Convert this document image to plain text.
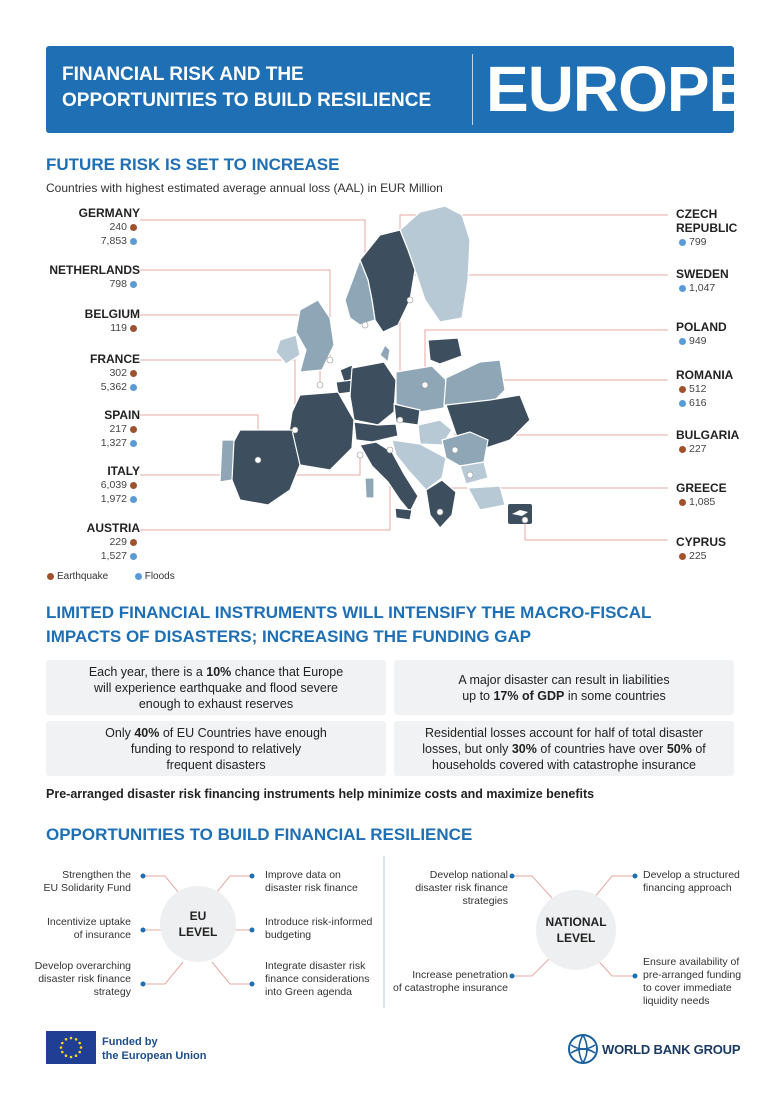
FINANCIAL RISK AND THE
OPPORTUNITIES TO BUILD RESILIENCE EUROPE
FUTURE RISK IS SET TO INCREASE
Countries with highest estimated average annual loss (AAL) in EUR Million
GERMANY
240
7,853
NETHERLANDS
798
BELGIUM
119
FRANCE
302
5,362
SPAIN
217
1,327
ITALY
6,039
1,972
AUSTRIA
229
1,527
CZECH
REPUBLIC
799
SWEDEN
1,047
POLAND
949
ROMANIA
512
616
BULGARIA
227
GREECE
1,085
CYPRUS
225
Earthquake	Floods
LIMITED FINANCIAL INSTRUMENTS WILL INTENSIFY THE MACRO-FISCAL
IMPACTS OF DISASTERS; INCREASING THE FUNDING GAP
Each year, there is a 10% chance that Europe
will experience earthquake and flood severe
enough to exhaust reserves
A major disaster can result in liabilities
up to 17% of GDP in some countries
Only 40% of EU Countries have enough
funding to respond to relatively
frequent disasters
Residential losses account for half of total disaster
losses, but only 30% of countries have over 50% of
households covered with catastrophe insurance
Pre-arranged disaster risk financing instruments help minimize costs and maximize benefits
OPPORTUNITIES TO BUILD FINANCIAL RESILIENCE
EU
LEVEL
Strengthen the
EU Solidarity Fund
Incentivize uptake
of insurance
Develop overarching
disaster risk finance
strategy
Improve data on
disaster risk finance
Introduce risk-informed
budgeting
Integrate disaster risk
finance considerations
into Green agenda
NATIONAL
LEVEL
Develop national
disaster risk finance
strategies
Increase penetration
of catastrophe insurance
Develop a structured
financing approach
Ensure availability of
pre-arranged funding
to cover immediate
liquidity needs
Funded by
the European Union	WORLD BANK GROUP
